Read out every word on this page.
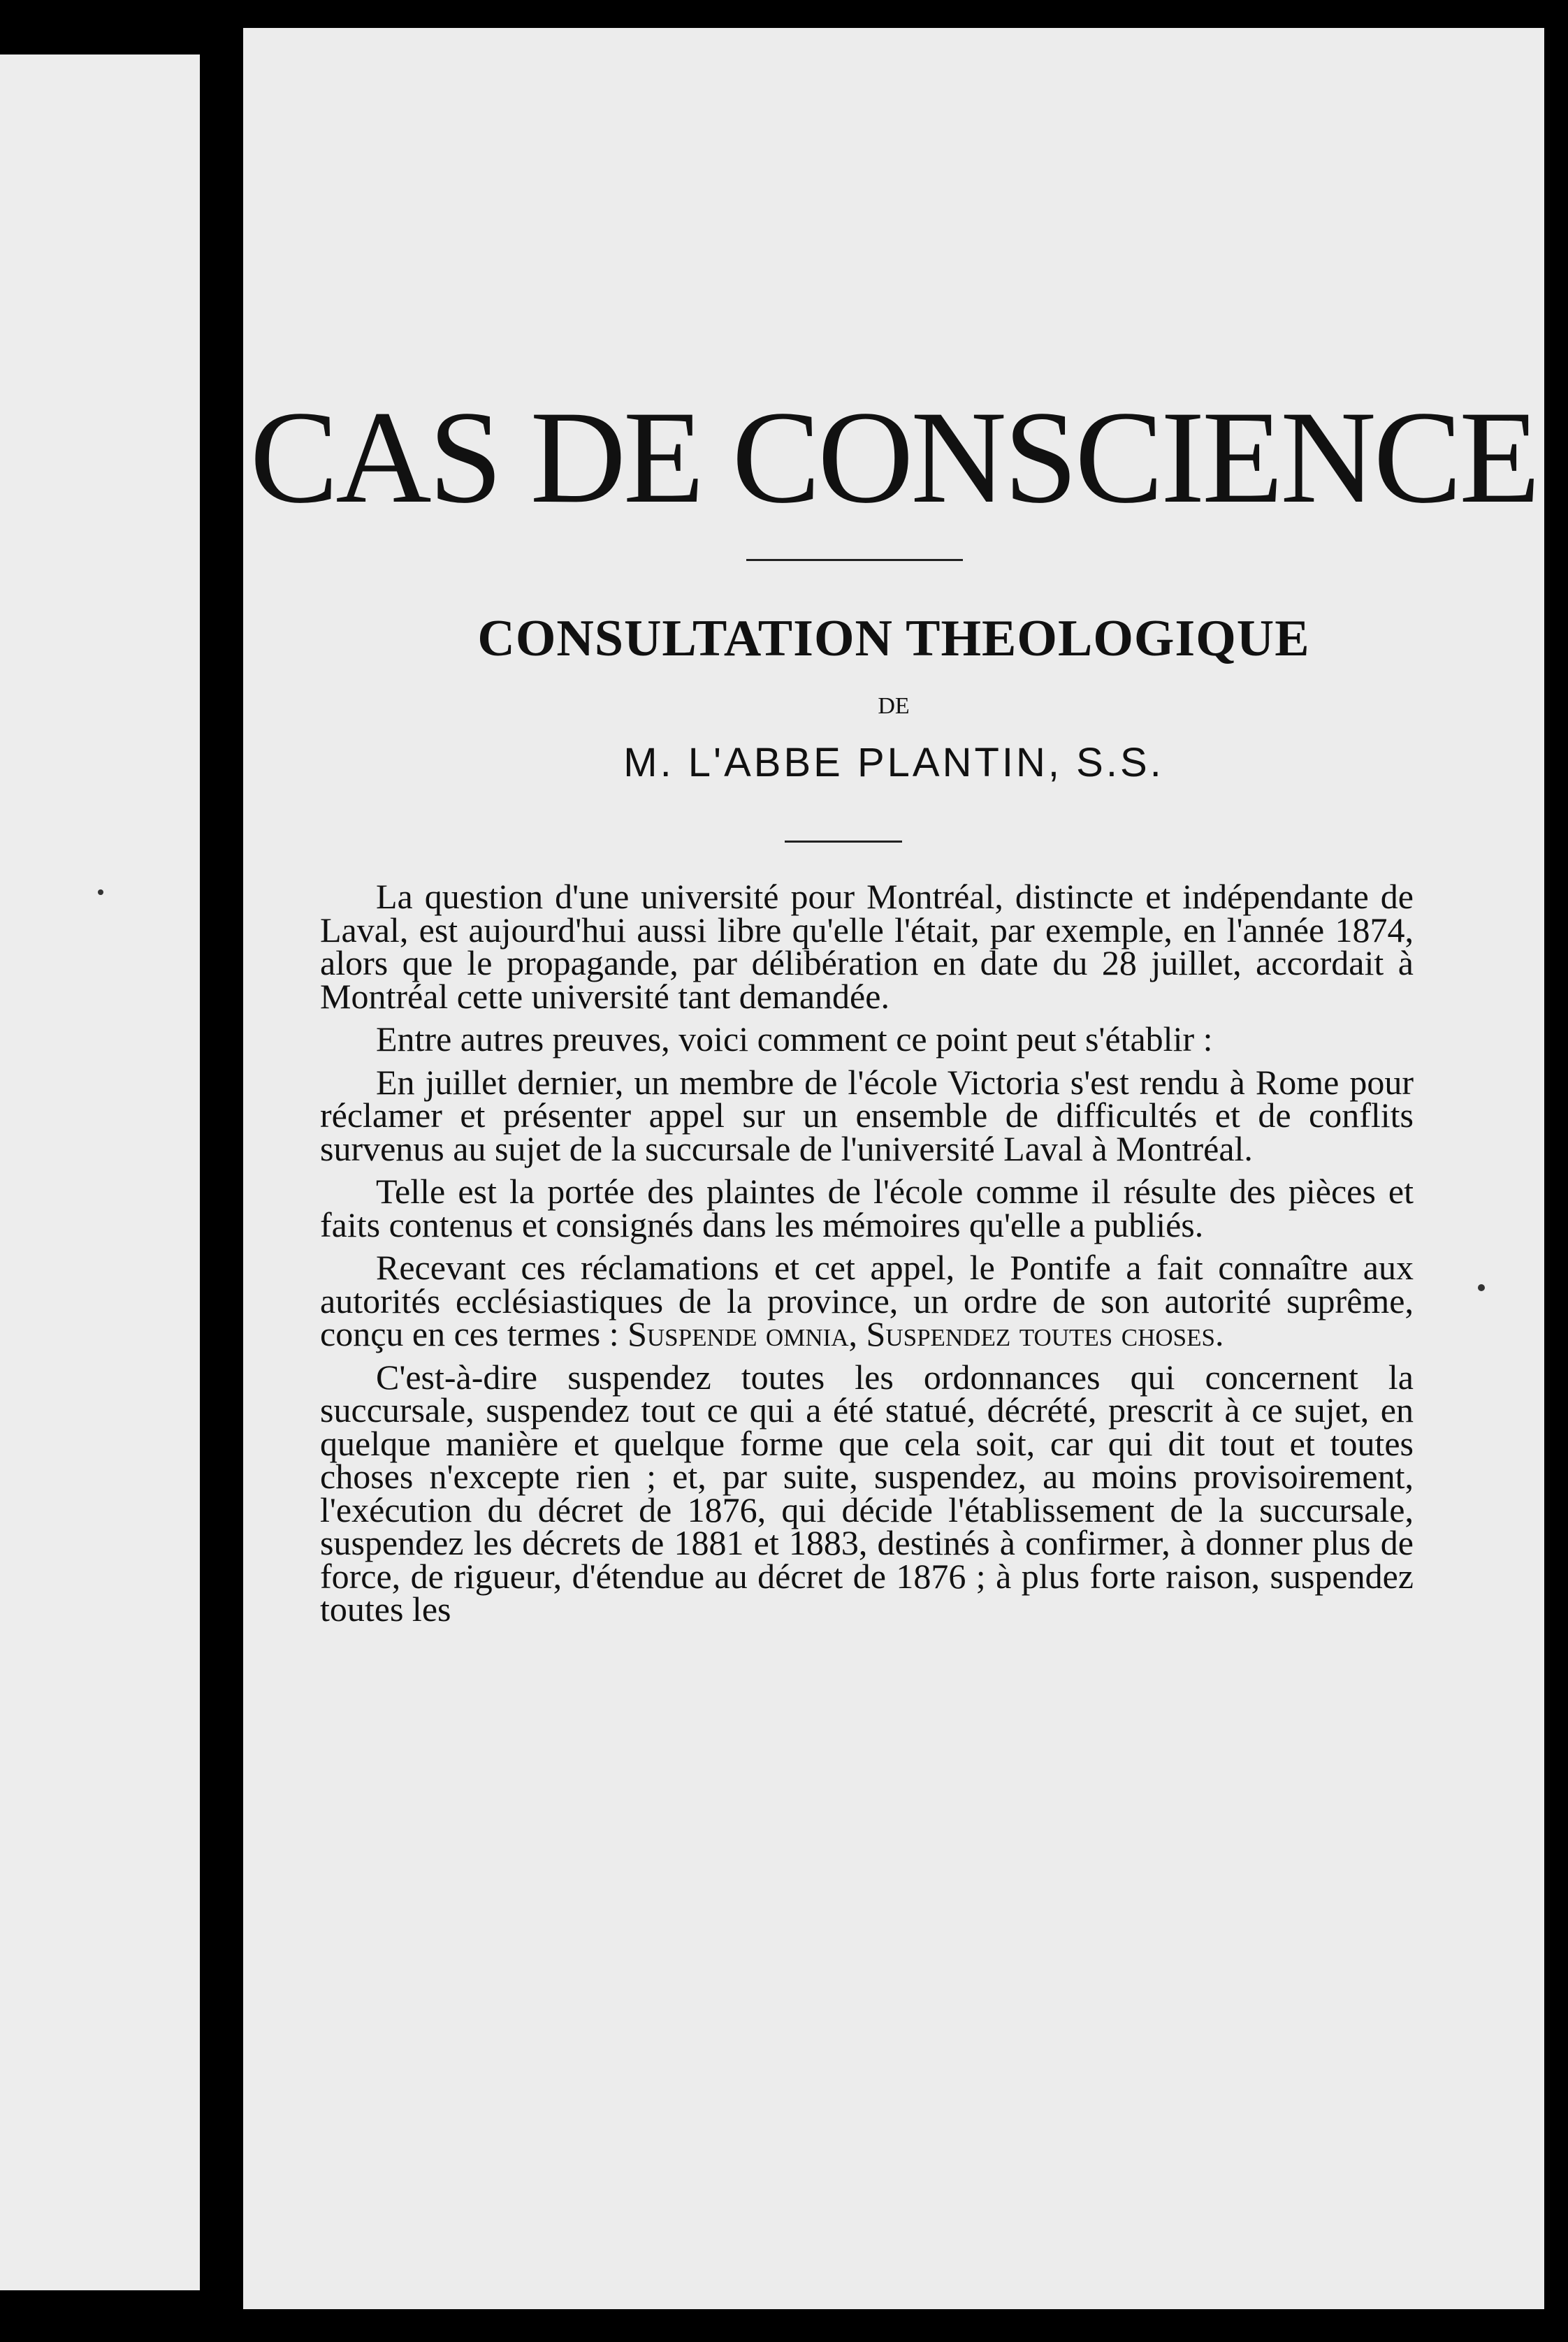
CAS DE CONSCIENCE
CONSULTATION THEOLOGIQUE
DE
M. L'ABBE PLANTIN, S.S.

La question d'une université pour Montréal, distincte et indépendante de Laval, est aujourd'hui aussi libre qu'elle l'était, par exemple, en l'année 1874, alors que le propagande, par délibération en date du 28 juillet, accordait à Montréal cette université tant demandée.

Entre autres preuves, voici comment ce point peut s'établir :

En juillet dernier, un membre de l'école Victoria s'est rendu à Rome pour réclamer et présenter appel sur un ensemble de difficultés et de conflits survenus au sujet de la succursale de l'université Laval à Montréal.

Telle est la portée des plaintes de l'école comme il résulte des pièces et faits contenus et consignés dans les mémoires qu'elle a publiés.

Recevant ces réclamations et cet appel, le Pontife a fait connaître aux autorités ecclésiastiques de la province, un ordre de son autorité suprême, conçu en ces termes : Suspende omnia, Suspendez toutes choses.

C'est-à-dire suspendez toutes les ordonnances qui concernent la succursale, suspendez tout ce qui a été statué, décrété, prescrit à ce sujet, en quelque manière et quelque forme que cela soit, car qui dit tout et toutes choses n'excepte rien ; et, par suite, suspendez, au moins provisoirement, l'exécution du décret de 1876, qui décide l'établissement de la succursale, suspendez les décrets de 1881 et 1883, destinés à confirmer, à donner plus de force, de rigueur, d'étendue au décret de 1876 ; à plus forte raison, suspendez toutes les
